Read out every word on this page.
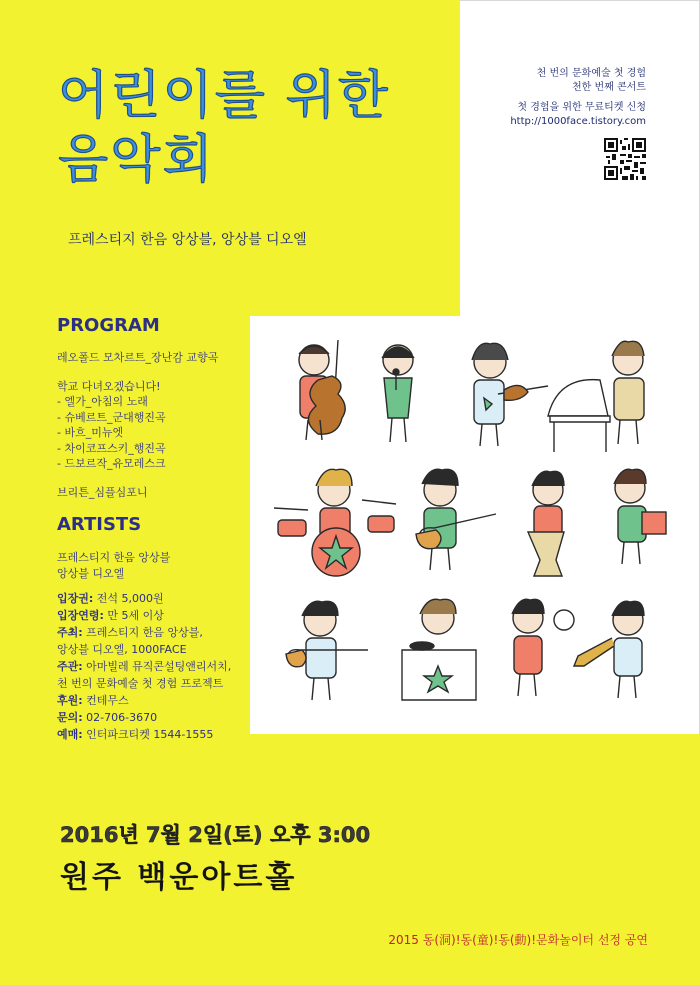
어린이를 위한
음악회
프레스티지 한음 앙상블, 앙상블 디오엘
천 번의 문화예술 첫 경험
천한 번째 콘서트
첫 경험을 위한 무료티켓 신청
http://1000face.tistory.com
PROGRAM
레오폴드 모차르트_장난감 교향곡
학교 다녀오겠습니다!
- 엘가_아침의 노래
- 슈베르트_군대행진곡
- 바흐_미뉴엣
- 차이코프스키_행진곡
- 드보르작_유모레스크
브리튼_심플심포니
ARTISTS
프레스티지 한음 앙상블
앙상블 디오엘
입장권: 전석 5,000원
입장연령: 만 5세 이상
주최: 프레스티지 한음 앙상블,
앙상블 디오엘, 1000FACE
주관: 아마빌레 뮤직콘설팅앤리서치,
천 번의 문화예술 첫 경험 프로젝트
후원: 컨테무스
문의: 02-706-3670
예매: 인터파크티켓 1544-1555
2016년 7월 2일(토) 오후 3:00
원주 백운아트홀
2015 동(洞)!동(童)!동(動)!문화놀이터 선정 공연
